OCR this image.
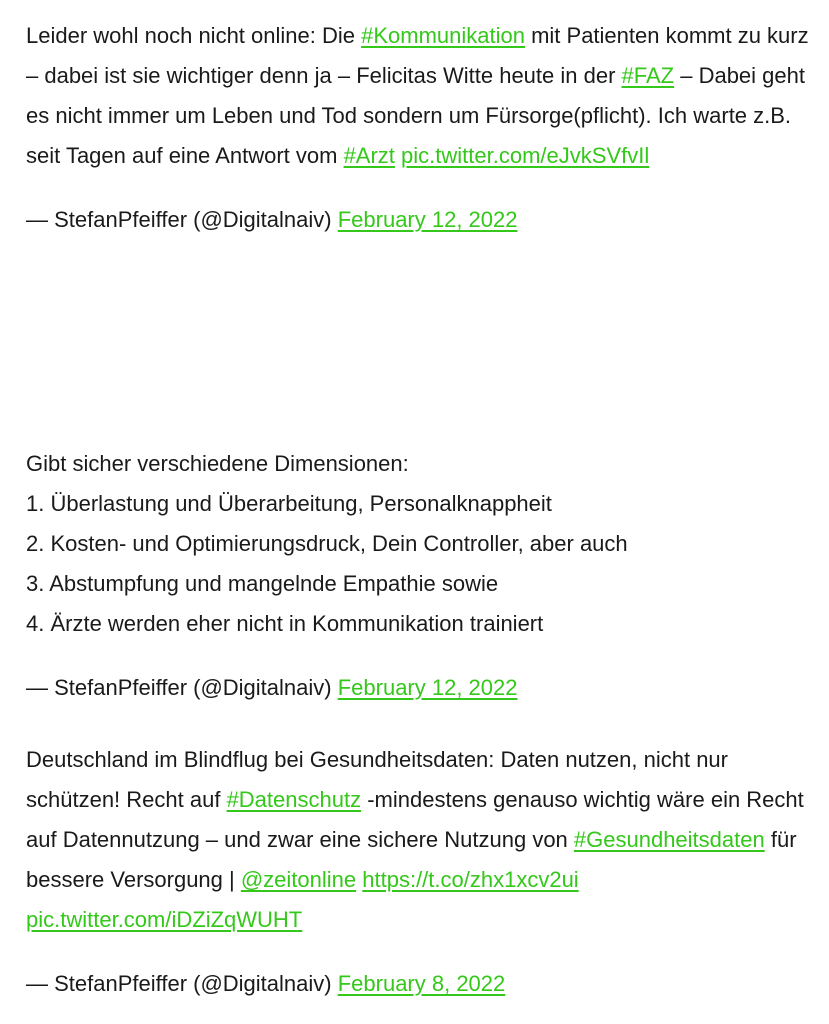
Leider wohl noch nicht online: Die #Kommunikation mit Patienten kommt zu kurz – dabei ist sie wichtiger denn ja – Felicitas Witte heute in der #FAZ – Dabei geht es nicht immer um Leben und Tod sondern um Fürsorge(pflicht). Ich warte z.B. seit Tagen auf eine Antwort vom #Arzt pic.twitter.com/eJvkSVfvIl

— StefanPfeiffer (@Digitalnaiv) February 12, 2022

Gibt sicher verschiedene Dimensionen:
1. Überlastung und Überarbeitung, Personalknappheit
2. Kosten- und Optimierungsdruck, Dein Controller, aber auch
3. Abstumpfung und mangelnde Empathie sowie
4. Ärzte werden eher nicht in Kommunikation trainiert

— StefanPfeiffer (@Digitalnaiv) February 12, 2022

Deutschland im Blindflug bei Gesundheitsdaten: Daten nutzen, nicht nur schützen! Recht auf #Datenschutz -mindestens genauso wichtig wäre ein Recht auf Datennutzung – und zwar eine sichere Nutzung von #Gesundheitsdaten für bessere Versorgung | @zeitonline https://t.co/zhx1xcv2ui pic.twitter.com/iDZiZqWUHT

— StefanPfeiffer (@Digitalnaiv) February 8, 2022
